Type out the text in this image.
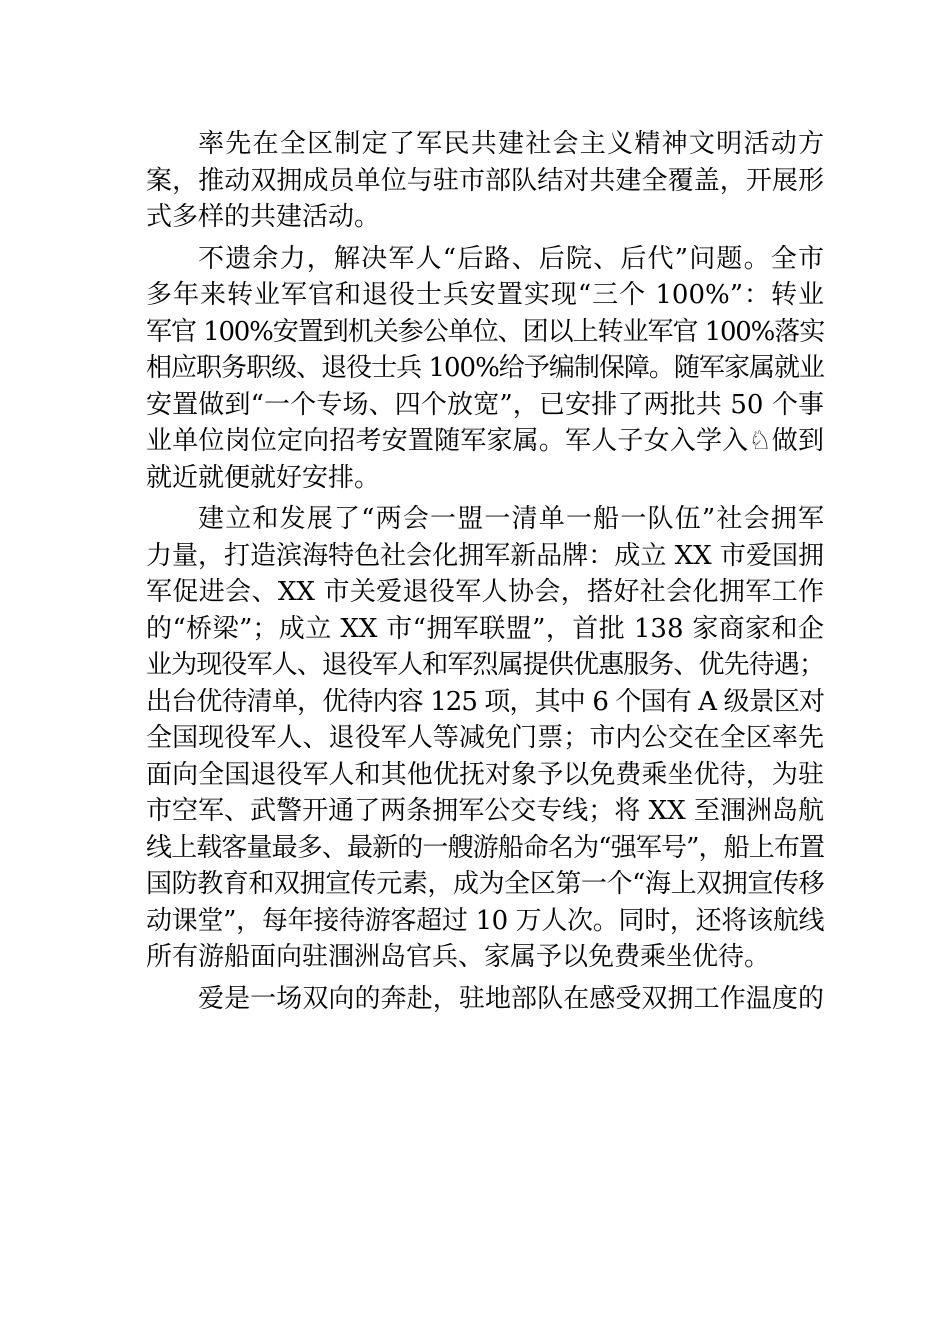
率先在全区制定了军民共建社会主义精神文明活动方
案，推动双拥成员单位与驻市部队结对共建全覆盖，开展形
式多样的共建活动。
不遗余力，解决军人“后路、后院、后代”问题。全市
多年来转业军官和退役士兵安置实现“三个 100%”：转业
军官 100%安置到机关参公单位、团以上转业军官 100%落实
相应职务职级、退役士兵 100%给予编制保障。随军家属就业
安置做到“一个专场、四个放宽”，已安排了两批共 50 个事
业单位岗位定向招考安置随军家属。军人子女入学入♘做到
就近就便就好安排。
建立和发展了“两会一盟一清单一船一队伍”社会拥军
力量，打造滨海特色社会化拥军新品牌：成立 XX 市爱国拥
军促进会、XX 市关爱退役军人协会，搭好社会化拥军工作
的“桥梁”；成立 XX 市“拥军联盟”，首批 138 家商家和企
业为现役军人、退役军人和军烈属提供优惠服务、优先待遇；
出台优待清单，优待内容 125 项，其中 6 个国有 A 级景区对
全国现役军人、退役军人等减免门票；市内公交在全区率先
面向全国退役军人和其他优抚对象予以免费乘坐优待，为驻
市空军、武警开通了两条拥军公交专线；将 XX 至涠洲岛航
线上载客量最多、最新的一艘游船命名为“强军号”，船上布置
国防教育和双拥宣传元素，成为全区第一个“海上双拥宣传移
动课堂”，每年接待游客超过 10 万人次。同时，还将该航线
所有游船面向驻涠洲岛官兵、家属予以免费乘坐优待。
爱是一场双向的奔赴，驻地部队在感受双拥工作温度的
